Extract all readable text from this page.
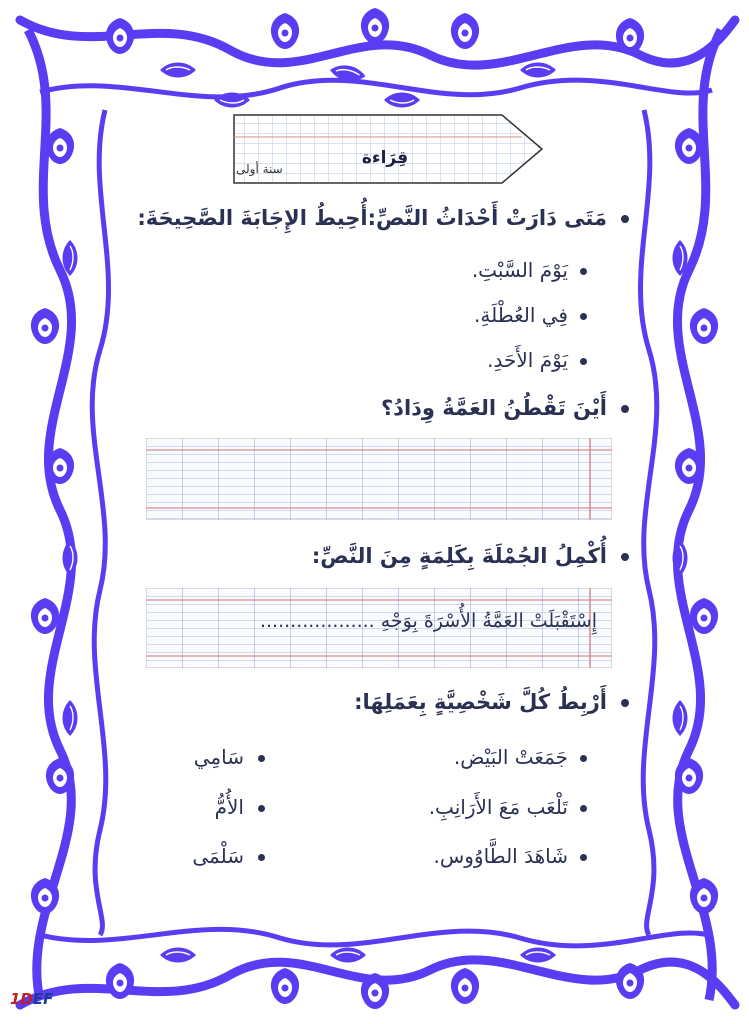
قِرَاءة
سنة أولى
مَتَى دَارَتْ أَحْدَاثُ النَّصِّ:أُحِيطُ الإِجَابَةَ الصَّحِيحَةَ:
يَوْمَ السَّبْتِ.
فِي العُطْلَةِ.
يَوْمَ الأَحَدِ.
أَيْنَ تَقْطُنُ العَمَّةُ وِدَادُ؟
أُكْمِلُ الجُمْلَةَ بِكَلِمَةٍ مِنَ النَّصِّ:
إِسْتَقْبَلَتْ العَمَّةُ الأُسْرَةَ بِوَجْهِ ...................
أَرْبِطُ كُلَّ شَخْصِيَّةٍ بِعَمَلِهَا:
جَمَعَتْ البَيْض.
تَلْعَب مَعَ الأَرَانِبِ.
شَاهَدَ الطَّاوُوس.
سَامِي
الأُمُّ
سَلْمَى
1DEF
